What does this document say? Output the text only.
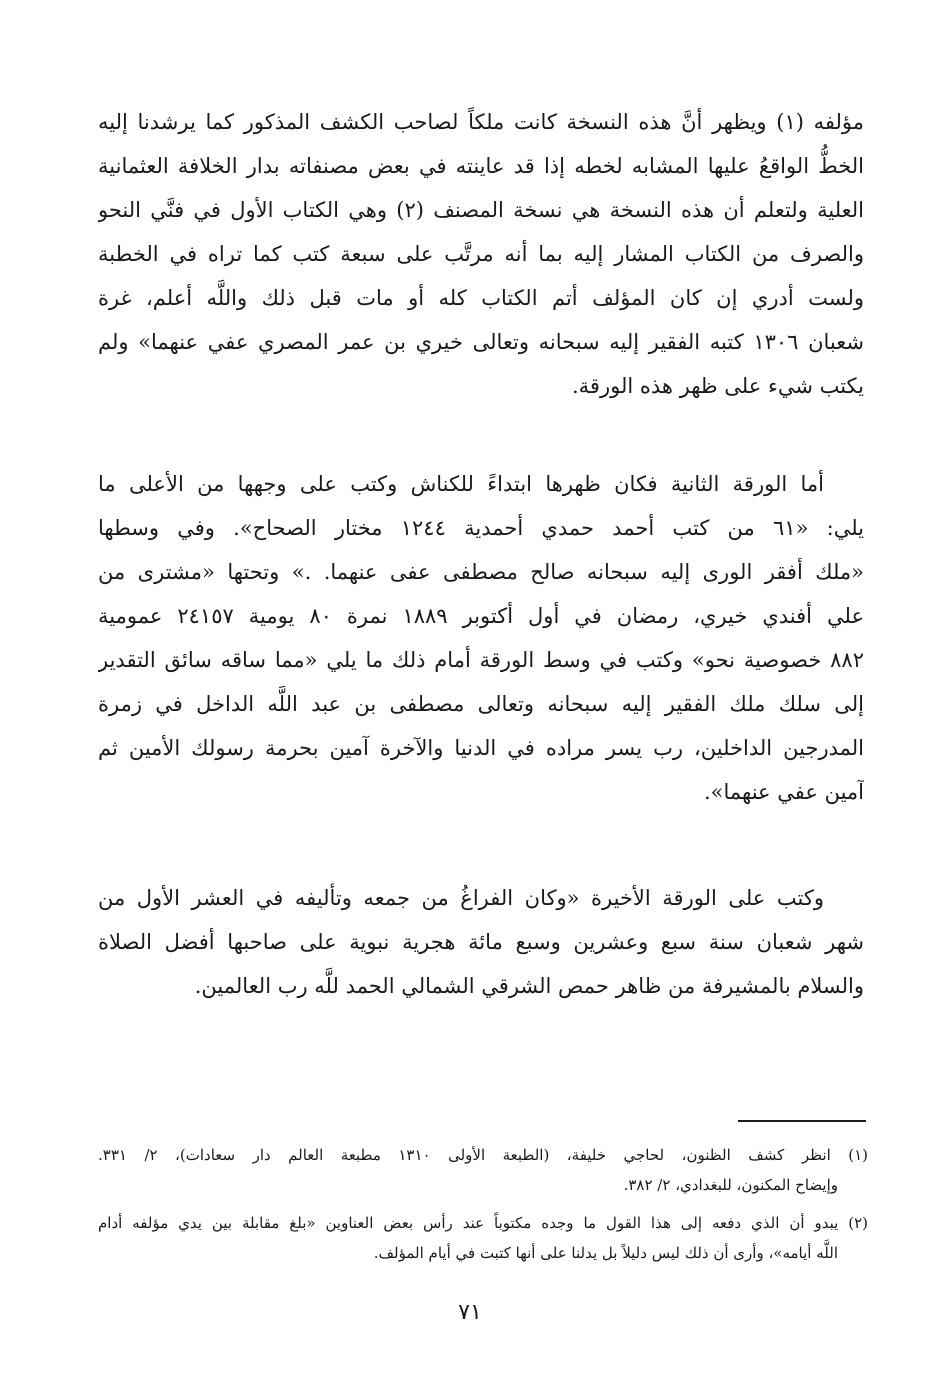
مؤلفه (١) ويظهر أنَّ هذه النسخة كانت ملكاً لصاحب الكشف المذكور كما يرشدنا إليه
الخطُّ الواقعُ عليها المشابه لخطه إذا قد عاينته في بعض مصنفاته بدار الخلافة العثمانية
العلية ولتعلم أن هذه النسخة هي نسخة المصنف (٢) وهي الكتاب الأول في فنَّي النحو
والصرف من الكتاب المشار إليه بما أنه مرتَّب على سبعة كتب كما تراه في الخطبة
ولست أدري إن كان المؤلف أتم الكتاب كله أو مات قبل ذلك واللَّه أعلم، غرة
شعبان ١٣٠٦ كتبه الفقير إليه سبحانه وتعالى خيري بن عمر المصري عفي عنهما» ولم
يكتب شيء على ظهر هذه الورقة.
أما الورقة الثانية فكان ظهرها ابتداءً للكناش وكتب على وجهها من الأعلى ما
يلي: «٦١ من كتب أحمد حمدي أحمدية ١٢٤٤ مختار الصحاح». وفي وسطها
«ملك أفقر الورى إليه سبحانه صالح مصطفى عفى عنهما. .» وتحتها «مشترى من
علي أفندي خيري، رمضان في أول أكتوبر ١٨٨٩ نمرة ٨٠ يومية ٢٤١٥٧ عمومية
٨٨٢ خصوصية نحو» وكتب في وسط الورقة أمام ذلك ما يلي «مما ساقه سائق التقدير
إلى سلك ملك الفقير إليه سبحانه وتعالى مصطفى بن عبد اللَّه الداخل في زمرة
المدرجين الداخلين، رب يسر مراده في الدنيا والآخرة آمين بحرمة رسولك الأمين ثم
آمين عفي عنهما».
وكتب على الورقة الأخيرة «وكان الفراغُ من جمعه وتأليفه في العشر الأول من
شهر شعبان سنة سبع وعشرين وسبع مائة هجرية نبوية على صاحبها أفضل الصلاة
والسلام بالمشيرفة من ظاهر حمص الشرقي الشمالي الحمد للَّه رب العالمين.
(١) انظر كشف الظنون، لحاجي خليفة، (الطبعة الأولى ١٣١٠ مطبعة العالم دار سعادات)، ٢/ ٣٣١.
وإيضاح المكنون، للبغدادي، ٢/ ٣٨٢.
(٢) يبدو أن الذي دفعه إلى هذا القول ما وجده مكتوباً عند رأس بعض العناوين «بلغ مقابلة بين يدي مؤلفه أدام
اللَّه أيامه»، وأرى أن ذلك ليس دليلاً بل يدلنا على أنها كتبت في أيام المؤلف.
٧١
